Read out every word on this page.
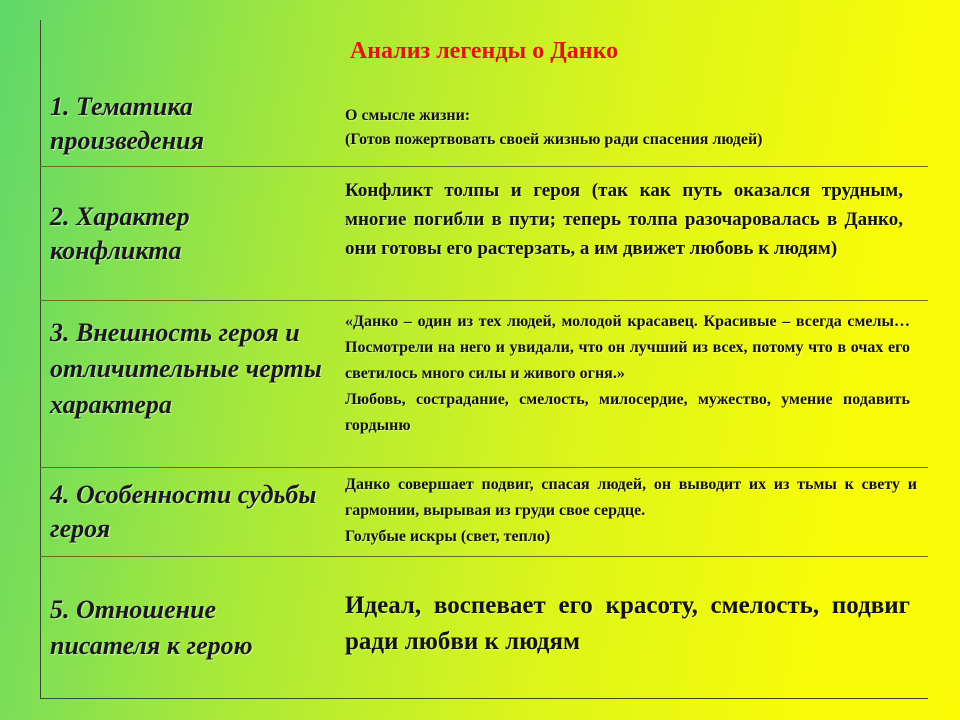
Анализ легенды о Данко
1. Тематика произведения
О смысле жизни:
(Готов пожертвовать своей жизнью ради спасения людей)
2. Характер конфликта
Конфликт толпы и героя (так как путь оказался трудным, многие погибли в пути; теперь толпа разочаровалась в Данко, они готовы его растерзать, а им движет любовь к людям)
3. Внешность героя и отличительные черты характера
«Данко – один из тех людей, молодой красавец. Красивые – всегда смелы… Посмотрели на него и увидали, что он лучший из всех, потому что в очах его светилось много силы и живого огня.»
Любовь, сострадание, смелость, милосердие, мужество, умение подавить гордыню
4. Особенности судьбы героя
Данко совершает подвиг, спасая людей, он выводит их из тьмы к свету и гармонии, вырывая из груди свое сердце.
Голубые искры (свет, тепло)
5. Отношение писателя к герою
Идеал, воспевает его красоту, смелость, подвиг ради любви к людям
